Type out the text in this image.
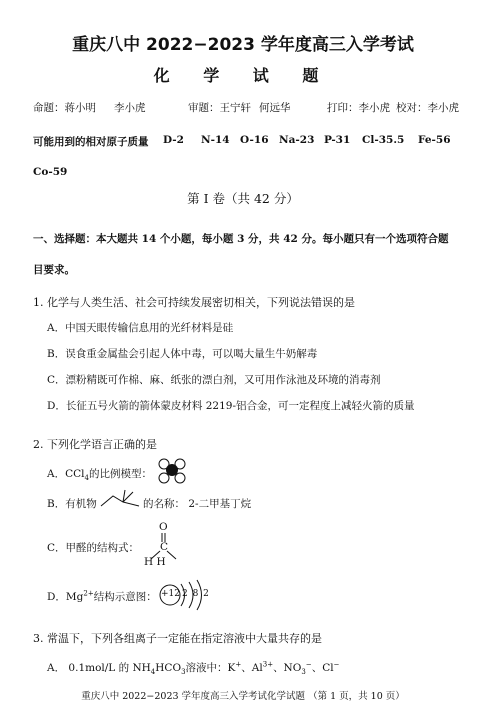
重庆八中 2022−2023 学年度高三入学考试
化 学 试 题
命题：蒋小明 李小虎	审题：王宁轩 何远华	打印：李小虎 校对：李小虎
可能用到的相对原子质量 D-2 N-14 O-16 Na-23 P-31 Cl-35.5 Fe-56
Co-59
第 I 卷（共 42 分）
一、选择题：本大题共 14 个小题，每小题 3 分，共 42 分。每小题只有一个选项符合题
目要求。
1. 化学与人类生活、社会可持续发展密切相关，下列说法错误的是
A．中国天眼传输信息用的光纤材料是硅
B．误食重金属盐会引起人体中毒，可以喝大量生牛奶解毒
C．漂粉精既可作棉、麻、纸张的漂白剂，又可用作泳池及环境的消毒剂
D．长征五号火箭的箭体蒙皮材料 2219-铝合金，可一定程度上减轻火箭的质量
2. 下列化学语言正确的是
A．CCl$_4$的比例模型：
B．有机物	的名称： 2-二甲基丁烷
C．甲醛的结构式：
O
C
H H
D．$Mg^{2+}$结构示意图： +12 2 8 2
3. 常温下，下列各组离子一定能在指定溶液中大量共存的是
A． 0.1mol/L 的 $NH_4HCO_3$溶液中：K+、$Al^{3+}$、$NO_3^-$、Cl−
重庆八中 2022−2023 学年度高三入学考试化学试题 （第 1 页，共 10 页）
